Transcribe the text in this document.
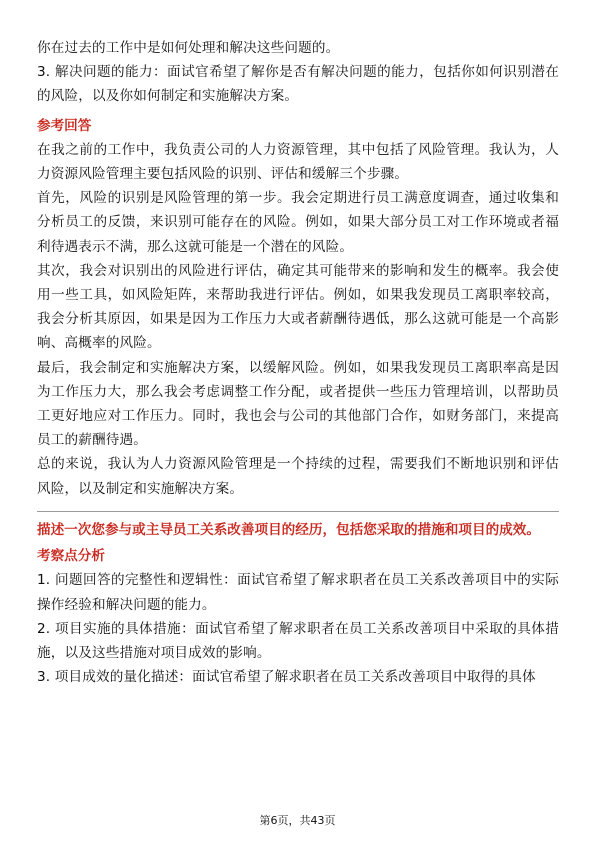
你在过去的工作中是如何处理和解决这些问题的。

3. 解决问题的能力：面试官希望了解你是否有解决问题的能力，包括你如何识别潜在的风险，以及你如何制定和实施解决方案。

参考回答

在我之前的工作中，我负责公司的人力资源管理，其中包括了风险管理。我认为，人力资源风险管理主要包括风险的识别、评估和缓解三个步骤。

首先，风险的识别是风险管理的第一步。我会定期进行员工满意度调查，通过收集和分析员工的反馈，来识别可能存在的风险。例如，如果大部分员工对工作环境或者福利待遇表示不满，那么这就可能是一个潜在的风险。

其次，我会对识别出的风险进行评估，确定其可能带来的影响和发生的概率。我会使用一些工具，如风险矩阵，来帮助我进行评估。例如，如果我发现员工离职率较高，我会分析其原因，如果是因为工作压力大或者薪酬待遇低，那么这就可能是一个高影响、高概率的风险。

最后，我会制定和实施解决方案，以缓解风险。例如，如果我发现员工离职率高是因为工作压力大，那么我会考虑调整工作分配，或者提供一些压力管理培训，以帮助员工更好地应对工作压力。同时，我也会与公司的其他部门合作，如财务部门，来提高员工的薪酬待遇。

总的来说，我认为人力资源风险管理是一个持续的过程，需要我们不断地识别和评估风险，以及制定和实施解决方案。

描述一次您参与或主导员工关系改善项目的经历，包括您采取的措施和项目的成效。
考察点分析

1. 问题回答的完整性和逻辑性：面试官希望了解求职者在员工关系改善项目中的实际操作经验和解决问题的能力。

2. 项目实施的具体措施：面试官希望了解求职者在员工关系改善项目中采取的具体措施，以及这些措施对项目成效的影响。

3. 项目成效的量化描述：面试官希望了解求职者在员工关系改善项目中取得的具体

第6页，共43页
